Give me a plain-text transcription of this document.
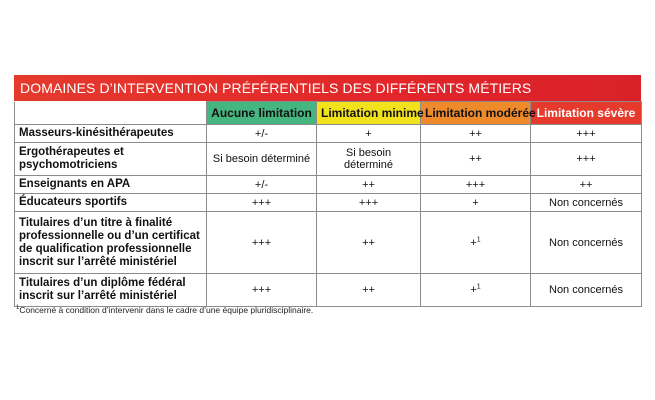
DOMAINES D’INTERVENTION PRÉFÉRENTIELS DES DIFFÉRENTS MÉTIERS
	Aucune limitation	Limitation minime	Limitation modérée	Limitation sévère
Masseurs-kinésithérapeutes	+/-	+	++	+++
Ergothérapeutes et psychomotriciens	Si besoin déterminé	Si besoin déterminé	++	+++
Enseignants en APA	+/-	++	+++	++
Éducateurs sportifs	+++	+++	+	Non concernés
Titulaires d’un titre à finalité professionnelle ou d’un certificat de qualification professionnelle inscrit sur l’arrêté ministériel	+++	++	+$^1$	Non concernés
Titulaires d’un diplôme fédéral inscrit sur l’arrêté ministériel	+++	++	+$^1$	Non concernés
$^1$Concerné à condition d’intervenir dans le cadre d’une équipe pluridisciplinaire.
